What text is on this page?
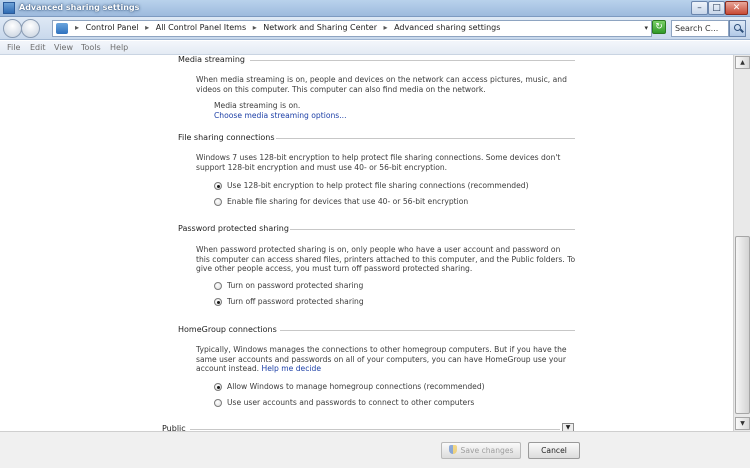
Advanced sharing settings	–	□	✕
▸ Control Panel ▸ All Control Panel Items ▸ Network and Sharing Center ▸ Advanced sharing settings	▾ ↻	Search C...
File Edit View Tools Help
Media streaming
When media streaming is on, people and devices on the network can access pictures, music, and videos on this computer. This computer can also find media on the network.
Media streaming is on.
Choose media streaming options...
File sharing connections
Windows 7 uses 128-bit encryption to help protect file sharing connections. Some devices don't support 128-bit encryption and must use 40- or 56-bit encryption.
Use 128-bit encryption to help protect file sharing connections (recommended)
Enable file sharing for devices that use 40- or 56-bit encryption
Password protected sharing
When password protected sharing is on, only people who have a user account and password on this computer can access shared files, printers attached to this computer, and the Public folders. To give other people access, you must turn off password protected sharing.
Turn on password protected sharing
Turn off password protected sharing
HomeGroup connections
Typically, Windows manages the connections to other homegroup computers. But if you have the same user accounts and passwords on all of your computers, you can have HomeGroup use your account instead. Help me decide
Allow Windows to manage homegroup connections (recommended)
Use user accounts and passwords to connect to other computers
Public	▼
▲
▼
Save changes	Cancel
